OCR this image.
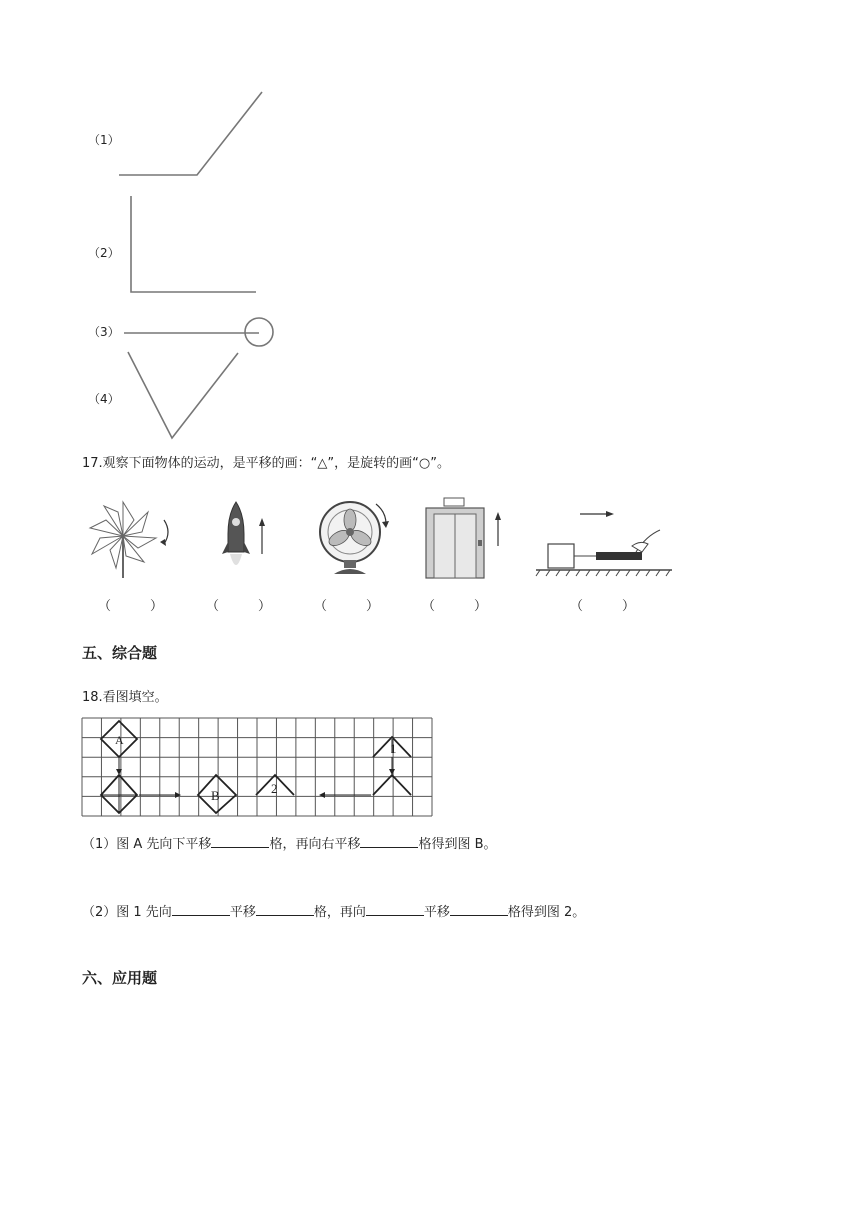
（1）
（2）
（3）
（4）
17.观察下面物体的运动，是平移的画：“△”，是旋转的画“○”。
（　　　）	（　　　）	（　　　）	（　　　）	（　　　）
五、综合题
18.看图填空。
A
B
1
2
（1）图 A 先向下平移	格，再向右平移	格得到图 B。
（2）图 1 先向	平移	格，再向	平移	格得到图 2。
六、应用题
